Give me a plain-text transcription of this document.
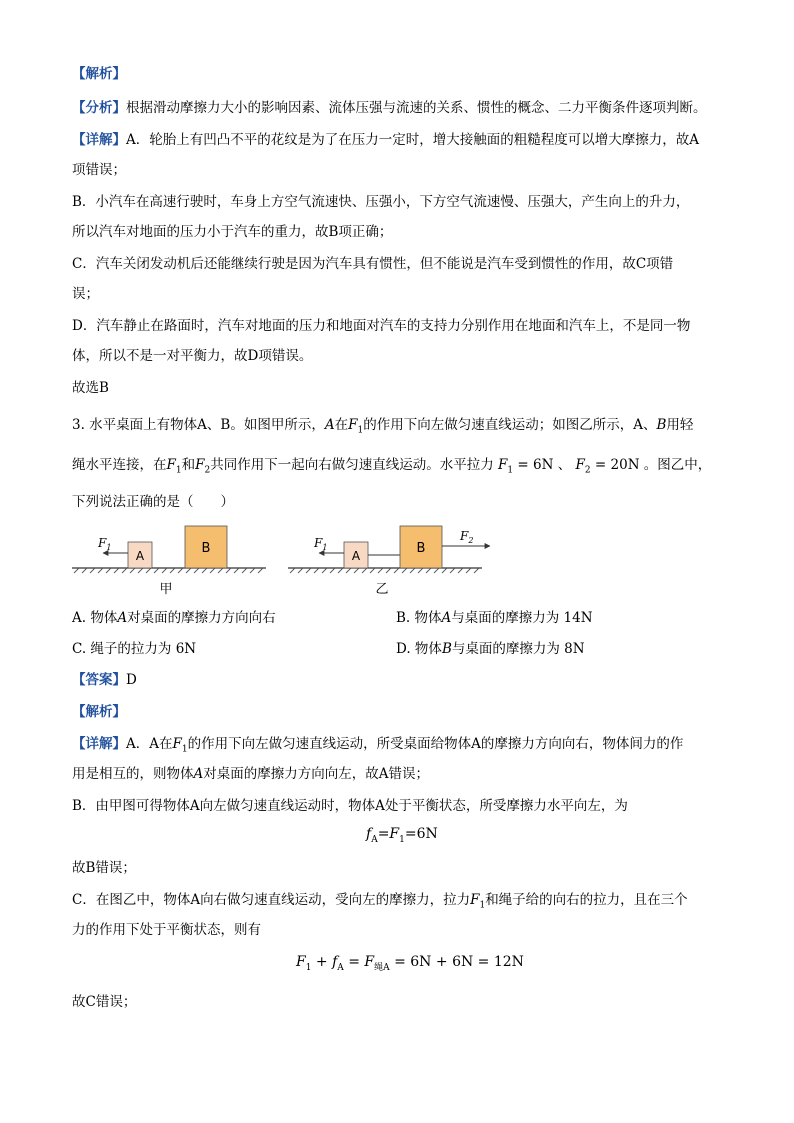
【解析】
【分析】根据滑动摩擦力大小的影响因素、流体压强与流速的关系、惯性的概念、二力平衡条件逐项判断。
【详解】A．轮胎上有凹凸不平的花纹是为了在压力一定时，增大接触面的粗糙程度可以增大摩擦力，故A
项错误；
B．小汽车在高速行驶时，车身上方空气流速快、压强小，下方空气流速慢、压强大，产生向上的升力，
所以汽车对地面的压力小于汽车的重力，故B项正确；
C．汽车关闭发动机后还能继续行驶是因为汽车具有惯性，但不能说是汽车受到惯性的作用，故C项错
误；
D．汽车静止在路面时，汽车对地面的压力和地面对汽车的支持力分别作用在地面和汽车上，不是同一物
体，所以不是一对平衡力，故D项错误。
故选B
3. 水平桌面上有物体A、B。如图甲所示，A在$F_1$的作用下向左做匀速直线运动；如图乙所示，A、B用轻
绳水平连接，在$F_1$和$F_2$共同作用下一起向右做匀速直线运动。水平拉力 $F_1 = 6N$ 、 $F_2 = 20N$ 。图乙中，
下列说法正确的是（　　）
A	B
$F_1$
甲
A	B
$F_1$
$F_2$
乙
A. 物体A对桌面的摩擦力方向向右	B. 物体A与桌面的摩擦力为 14N
C. 绳子的拉力为 6N	D. 物体B与桌面的摩擦力为 8N
【答案】D
【解析】
【详解】A．A在$F_1$的作用下向左做匀速直线运动，所受桌面给物体A的摩擦力方向向右，物体间力的作
用是相互的，则物体A对桌面的摩擦力方向向左，故A错误；
B．由甲图可得物体A向左做匀速直线运动时，物体A处于平衡状态，所受摩擦力水平向左，为
$f_A=F_1=6N$
故B错误；
C．在图乙中，物体A向右做匀速直线运动，受向左的摩擦力，拉力$F_1$和绳子给的向右的拉力，且在三个
力的作用下处于平衡状态，则有
$F_1 + f_A = F_{绳A} = 6N + 6N = 12N$
故C错误；
